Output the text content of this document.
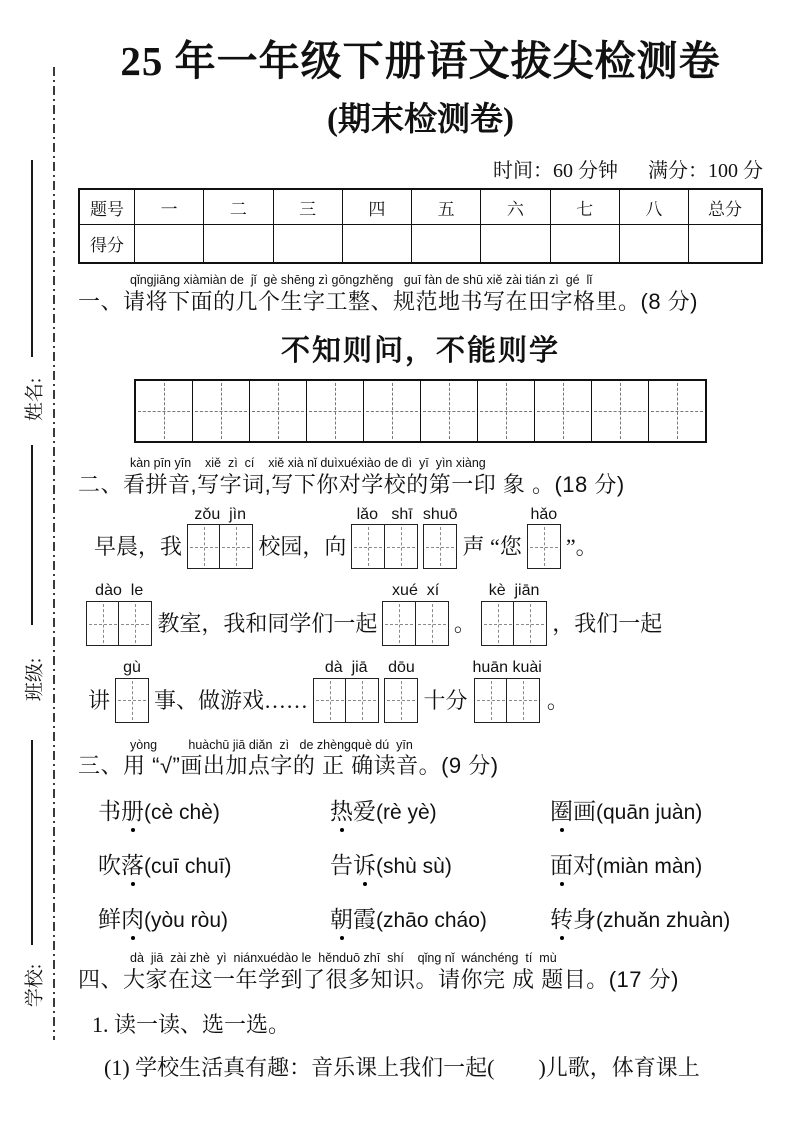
姓名:
班级:
学校:
25 年一年级下册语文拔尖检测卷
(期末检测卷)
时间：60 分钟 满分：100 分
题号	一	二	三	四	五	六	七	八	总分
得分									
qǐngjiāng xiàmiàn de  jǐ  gè shēng zì gōngzhěng   guī fàn de shū xiě zài tián zì  gé  lǐ
一、请将下面的几个生字工整、规范地书写在田字格里。(8 分)
不知则问，不能则学
kàn pīn yīn    xiě  zì  cí    xiě xià nǐ duìxuéxiào de dì  yī  yìn xiàng
二、看拼音,写字词,写下你对学校的第一印 象 。(18 分)
早晨，我
zǒu  jìn
校园，向
lǎo   shī shuō
声 “您
hǎo
”。
dào  le
教室，我和同学们一起
xué  xí
。
kè  jiān
，我们一起
讲
gù
事、做游戏……
dà  jiā dōu
十分
huān kuài
。
yòng         huàchū jiā diǎn  zì   de zhèngquè dú  yīn
三、用 “√”画出加点字的 正 确读音。(9 分)
书册(cè chè)	热爱(rè yè)	圈画(quān juàn)
吹落(cuī chuī)	告诉(shù sù)	面对(miàn màn)
鲜肉(yòu ròu)	朝霞(zhāo cháo)	转身(zhuǎn zhuàn)
dà  jiā  zài zhè  yì  niánxuédào le  hěnduō zhī  shí    qǐng nǐ  wánchéng  tí  mù
四、大家在这一年学到了很多知识。请你完 成 题目。(17 分)
1. 读一读、选一选。
(1) 学校生活真有趣：音乐课上我们一起(　　)儿歌，体育课上
